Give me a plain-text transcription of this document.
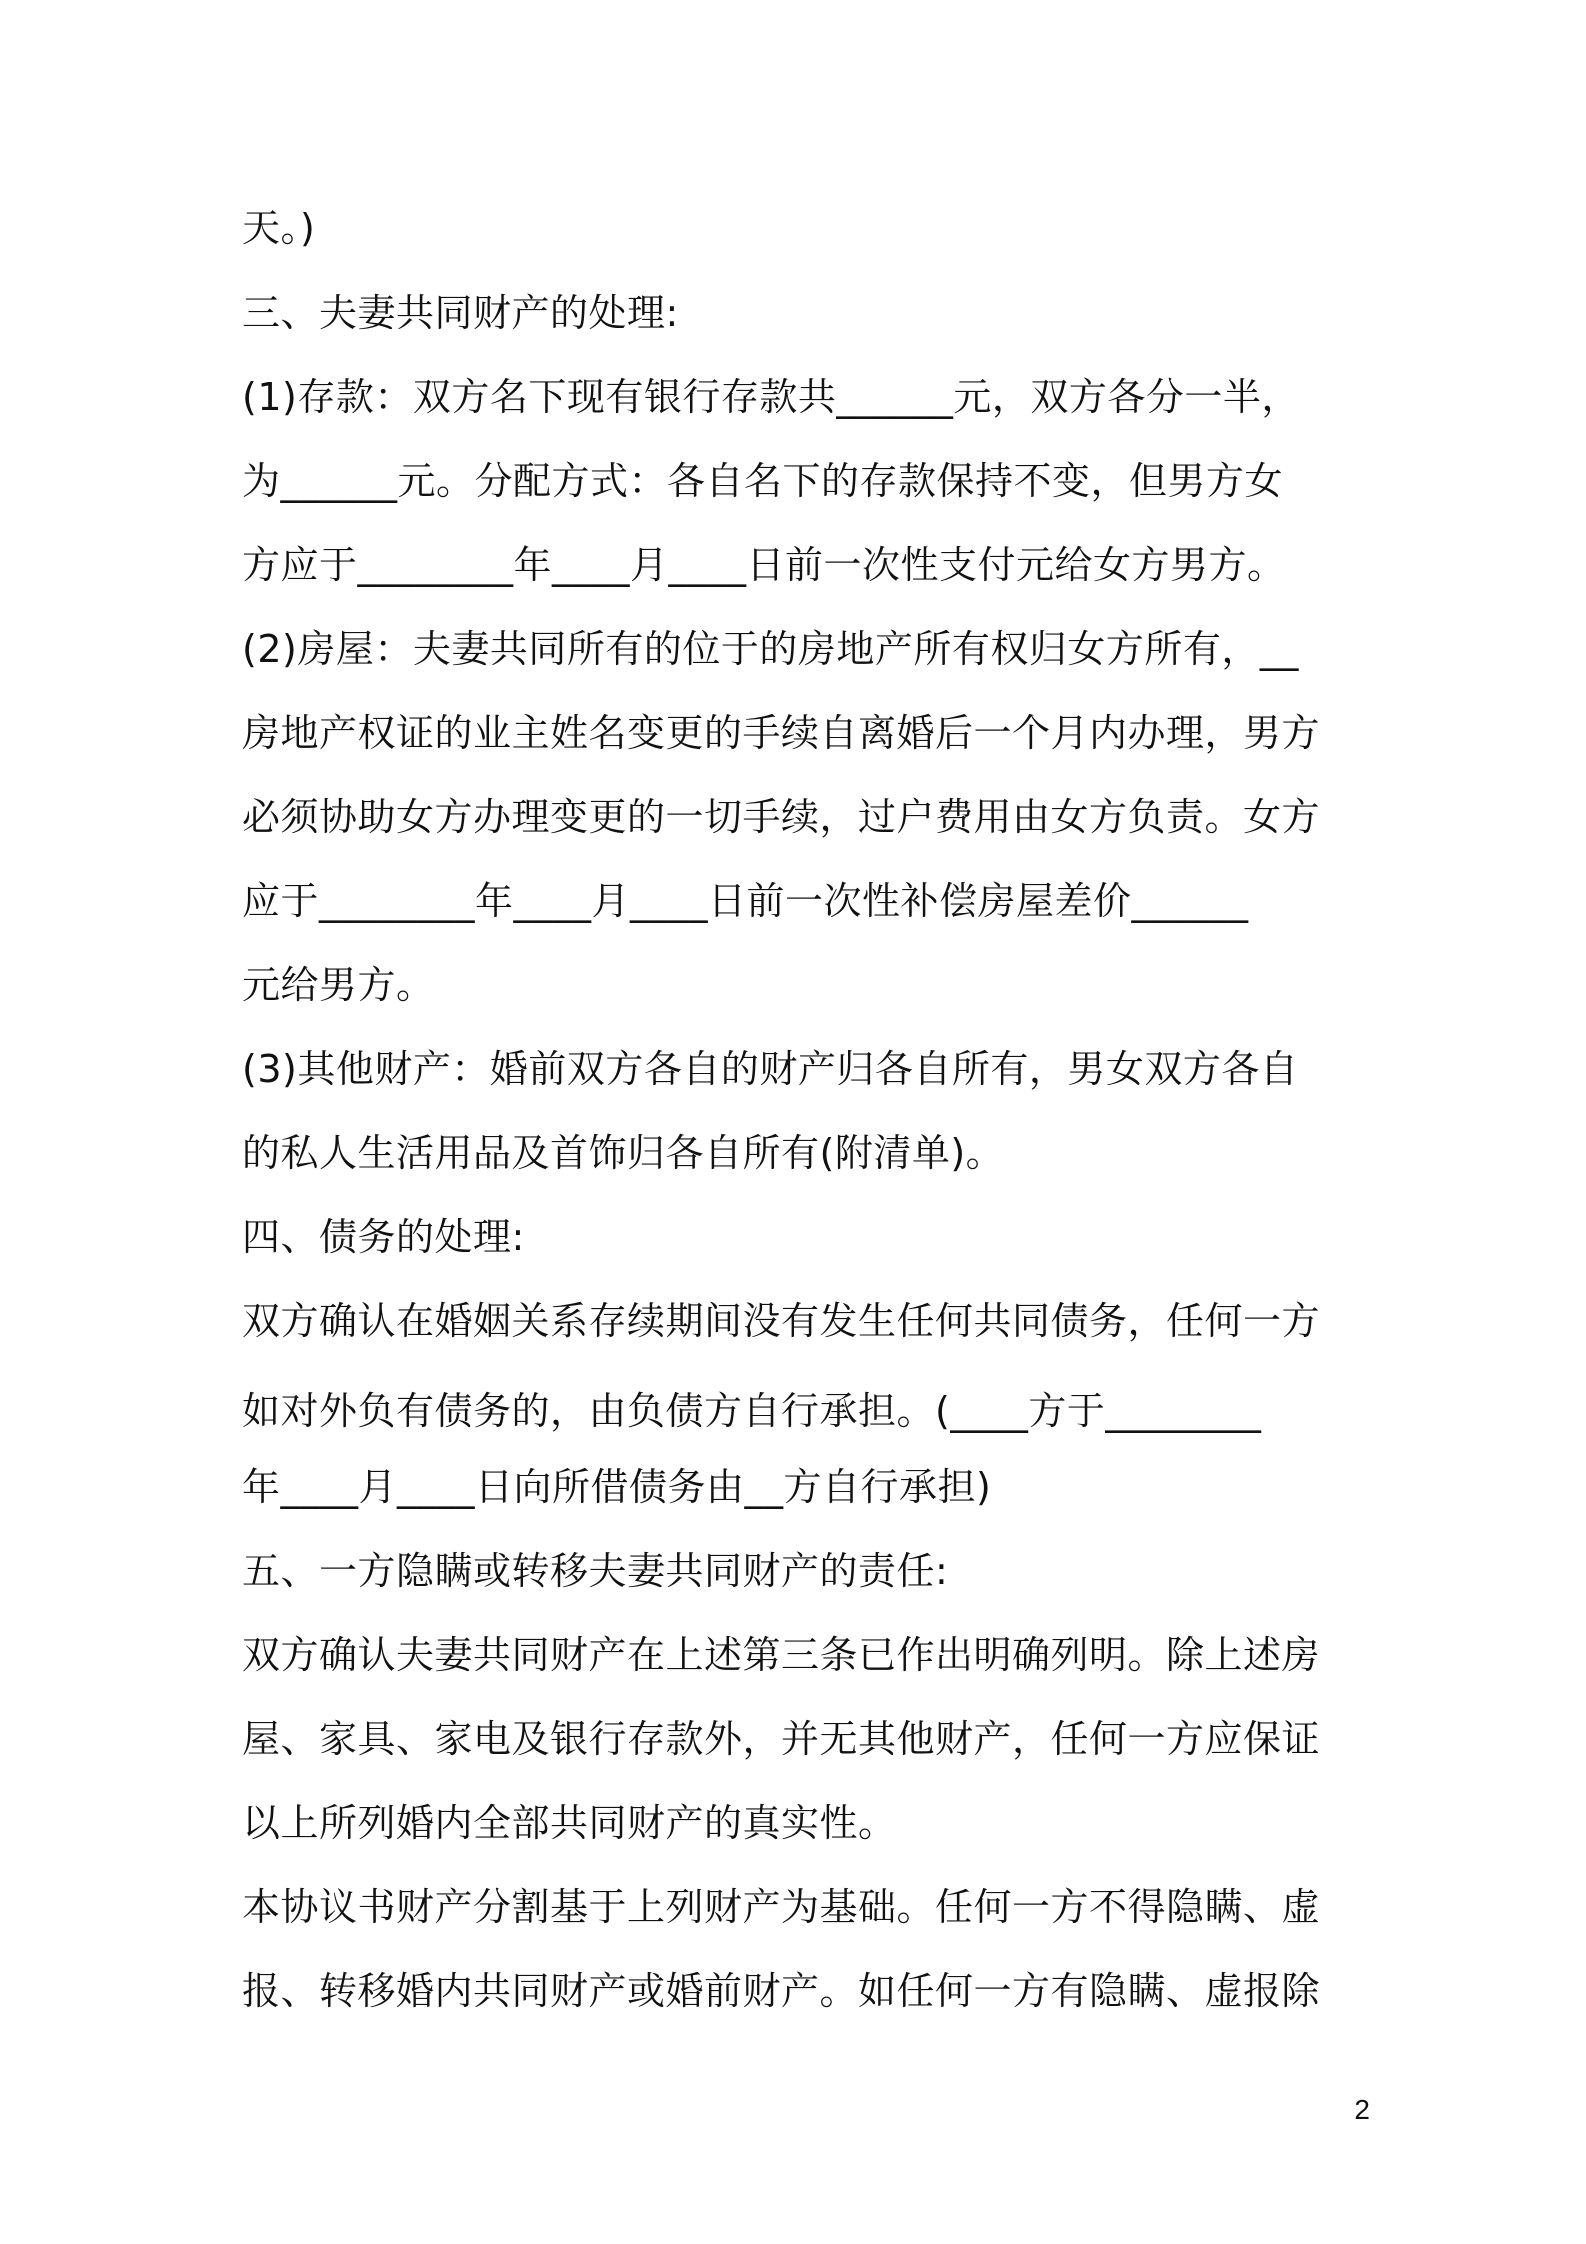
天。)
三、夫妻共同财产的处理:
(1)存款：双方名下现有银行存款共______元，双方各分一半，
为______元。分配方式：各自名下的存款保持不变，但男方女
方应于________年____月____日前一次性支付元给女方男方。
(2)房屋：夫妻共同所有的位于的房地产所有权归女方所有，__
房地产权证的业主姓名变更的手续自离婚后一个月内办理，男方
必须协助女方办理变更的一切手续，过户费用由女方负责。女方
应于________年____月____日前一次性补偿房屋差价______
元给男方。
(3)其他财产：婚前双方各自的财产归各自所有，男女双方各自
的私人生活用品及首饰归各自所有(附清单)。
四、债务的处理:
双方确认在婚姻关系存续期间没有发生任何共同债务，任何一方
如对外负有债务的，由负债方自行承担。(____方于________
年____月____日向所借债务由__方自行承担)
五、一方隐瞒或转移夫妻共同财产的责任:
双方确认夫妻共同财产在上述第三条已作出明确列明。除上述房
屋、家具、家电及银行存款外，并无其他财产，任何一方应保证
以上所列婚内全部共同财产的真实性。
本协议书财产分割基于上列财产为基础。任何一方不得隐瞒、虚
报、转移婚内共同财产或婚前财产。如任何一方有隐瞒、虚报除
2
